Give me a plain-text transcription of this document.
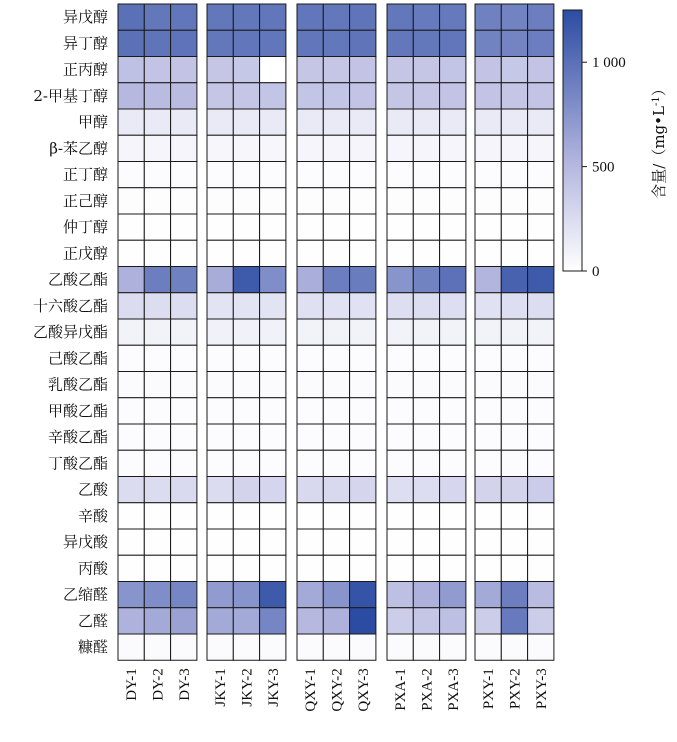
异戊醇
异丁醇
正丙醇
2-甲基丁醇
甲醇
β-苯乙醇
正丁醇
正己醇
仲丁醇
正戊醇
乙酸乙酯
十六酸乙酯
乙酸异戊酯
己酸乙酯
乳酸乙酯
甲酸乙酯
辛酸乙酯
丁酸乙酯
乙酸
辛酸
异戊酸
丙酸
乙缩醛
乙醛
糠醛
DY-1 DY-2 DY-3 JKY-1 JKY-2 JKY-3 QXY-1 QXY-2 QXY-3 PXA-1 PXA-2 PXA-3 PXY-1 PXY-2 PXY-3
0
500
1 000
含量$/(mg•L^{-1})$
